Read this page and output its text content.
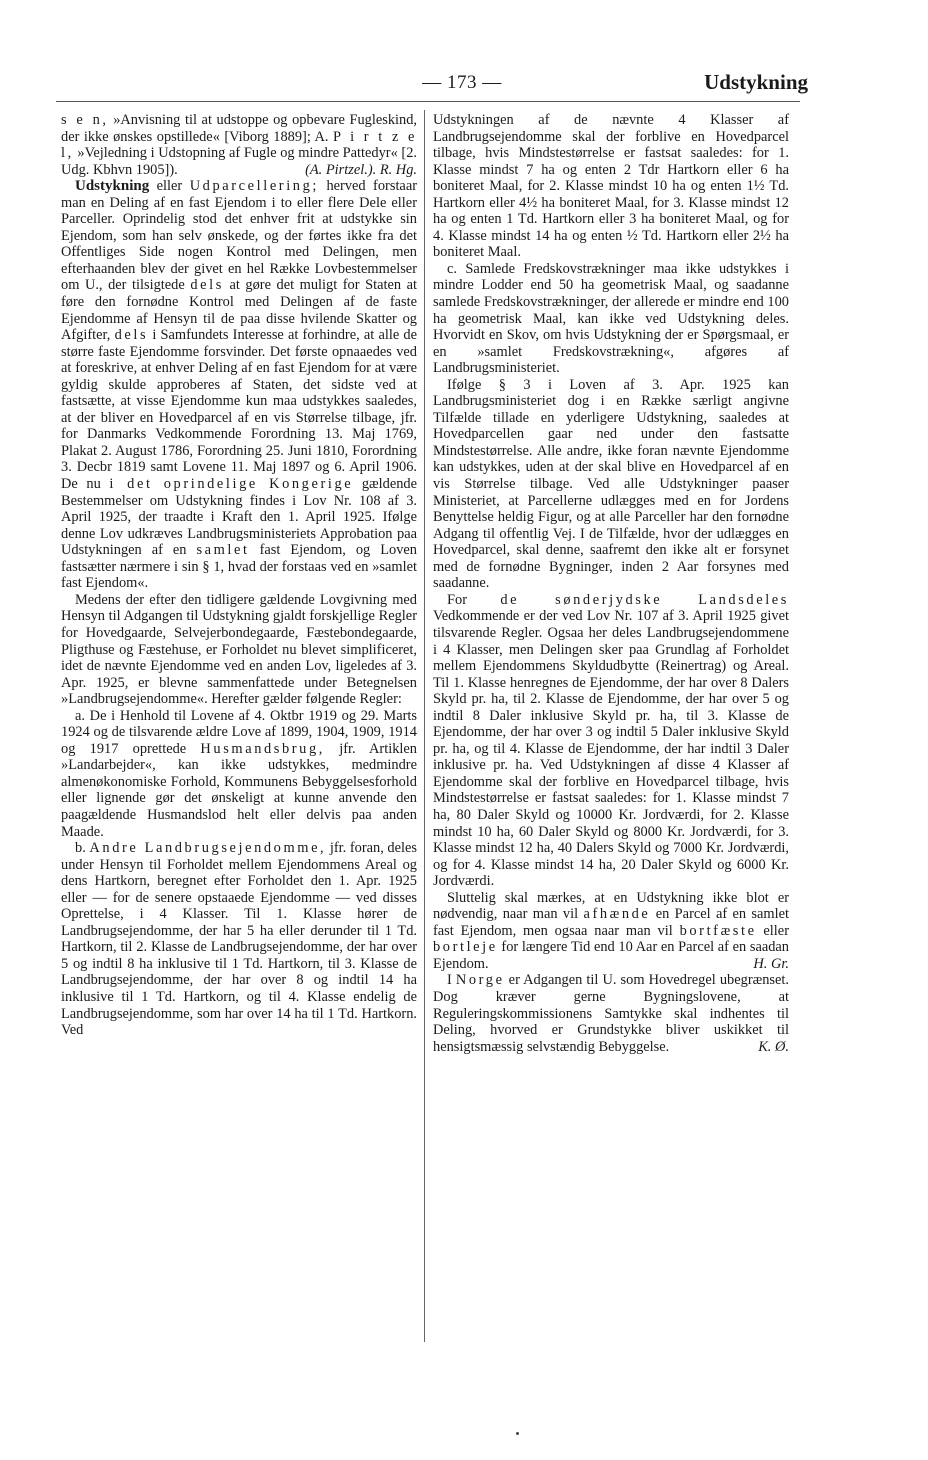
— 173 —	Udstykning

s e n, »Anvisning til at udstoppe og opbevare Fugleskind, der ikke ønskes opstillede« [Viborg 1889]; A. P i r t z e l, »Vejledning i Udstopning af Fugle og mindre Pattedyr« [2. Udg. Kbhvn 1905]).	(A. Pirtzel.). R. Hg.

Udstykning eller Udparcellering; herved forstaar man en Deling af en fast Ejendom i to eller flere Dele eller Parceller. Oprindelig stod det enhver frit at udstykke sin Ejendom, som han selv ønskede, og der førtes ikke fra det Offentliges Side nogen Kontrol med Delingen, men efterhaanden blev der givet en hel Række Lovbestemmelser om U., der tilsigtede dels at gøre det muligt for Staten at føre den fornødne Kontrol med Delingen af de faste Ejendomme af Hensyn til de paa disse hvilende Skatter og Afgifter, dels i Samfundets Interesse at forhindre, at alle de større faste Ejendomme forsvinder. Det første opnaaedes ved at foreskrive, at enhver Deling af en fast Ejendom for at være gyldig skulde approberes af Staten, det sidste ved at fastsætte, at visse Ejendomme kun maa udstykkes saaledes, at der bliver en Hovedparcel af en vis Størrelse tilbage, jfr. for Danmarks Vedkommende Forordning 13. Maj 1769, Plakat 2. August 1786, Forordning 25. Juni 1810, Forordning 3. Decbr 1819 samt Lovene 11. Maj 1897 og 6. April 1906. De nu i det oprindelige Kongerige gældende Bestemmelser om Udstykning findes i Lov Nr. 108 af 3. April 1925, der traadte i Kraft den 1. April 1925. Ifølge denne Lov udkræves Landbrugsministeriets Approbation paa Udstykningen af en samlet fast Ejendom, og Loven fastsætter nærmere i sin § 1, hvad der forstaas ved en »samlet fast Ejendom«.

Medens der efter den tidligere gældende Lovgivning med Hensyn til Adgangen til Udstykning gjaldt forskjellige Regler for Hovedgaarde, Selvejerbondegaarde, Fæstebondegaarde, Pligthuse og Fæstehuse, er Forholdet nu blevet simplificeret, idet de nævnte Ejendomme ved en anden Lov, ligeledes af 3. Apr. 1925, er blevne sammenfattede under Betegnelsen »Landbrugsejendomme«. Herefter gælder følgende Regler:

a. De i Henhold til Lovene af 4. Oktbr 1919 og 29. Marts 1924 og de tilsvarende ældre Love af 1899, 1904, 1909, 1914 og 1917 oprettede Husmandsbrug, jfr. Artiklen »Landarbejder«, kan ikke udstykkes, medmindre almenøkonomiske Forhold, Kommunens Bebyggelsesforhold eller lignende gør det ønskeligt at kunne anvende den paagældende Husmandslod helt eller delvis paa anden Maade.

b. Andre Landbrugsejendomme, jfr. foran, deles under Hensyn til Forholdet mellem Ejendommens Areal og dens Hartkorn, beregnet efter Forholdet den 1. Apr. 1925 eller — for de senere opstaaede Ejendomme — ved disses Oprettelse, i 4 Klasser. Til 1. Klasse hører de Landbrugsejendomme, der har 5 ha eller derunder til 1 Td. Hartkorn, til 2. Klasse de Landbrugsejendomme, der har over 5 og indtil 8 ha inklusive til 1 Td. Hartkorn, til 3. Klasse de Landbrugsejendomme, der har over 8 og indtil 14 ha inklusive til 1 Td. Hartkorn, og til 4. Klasse endelig de Landbrugsejendomme, som har over 14 ha til 1 Td. Hartkorn. Ved

Udstykningen af de nævnte 4 Klasser af Landbrugsejendomme skal der forblive en Hovedparcel tilbage, hvis Mindstestørrelse er fastsat saaledes: for 1. Klasse mindst 7 ha og enten 2 Tdr Hartkorn eller 6 ha boniteret Maal, for 2. Klasse mindst 10 ha og enten 1½ Td. Hartkorn eller 4½ ha boniteret Maal, for 3. Klasse mindst 12 ha og enten 1 Td. Hartkorn eller 3 ha boniteret Maal, og for 4. Klasse mindst 14 ha og enten ½ Td. Hartkorn eller 2½ ha boniteret Maal.

c. Samlede Fredskovstrækninger maa ikke udstykkes i mindre Lodder end 50 ha geometrisk Maal, og saadanne samlede Fredskovstrækninger, der allerede er mindre end 100 ha geometrisk Maal, kan ikke ved Udstykning deles. Hvorvidt en Skov, om hvis Udstykning der er Spørgsmaal, er en »samlet Fredskovstrækning«, afgøres af Landbrugsministeriet.

Ifølge § 3 i Loven af 3. Apr. 1925 kan Landbrugsministeriet dog i en Række særligt angivne Tilfælde tillade en yderligere Udstykning, saaledes at Hovedparcellen gaar ned under den fastsatte Mindstestørrelse. Alle andre, ikke foran nævnte Ejendomme kan udstykkes, uden at der skal blive en Hovedparcel af en vis Størrelse tilbage. Ved alle Udstykninger paaser Ministeriet, at Parcellerne udlægges med en for Jordens Benyttelse heldig Figur, og at alle Parceller har den fornødne Adgang til offentlig Vej. I de Tilfælde, hvor der udlægges en Hovedparcel, skal denne, saafremt den ikke alt er forsynet med de fornødne Bygninger, inden 2 Aar forsynes med saadanne.

For de sønderjydske Landsdeles Vedkommende er der ved Lov Nr. 107 af 3. April 1925 givet tilsvarende Regler. Ogsaa her deles Landbrugsejendommene i 4 Klasser, men Delingen sker paa Grundlag af Forholdet mellem Ejendommens Skyldudbytte (Reinertrag) og Areal. Til 1. Klasse henregnes de Ejendomme, der har over 8 Dalers Skyld pr. ha, til 2. Klasse de Ejendomme, der har over 5 og indtil 8 Daler inklusive Skyld pr. ha, til 3. Klasse de Ejendomme, der har over 3 og indtil 5 Daler inklusive Skyld pr. ha, og til 4. Klasse de Ejendomme, der har indtil 3 Daler inklusive pr. ha. Ved Udstykningen af disse 4 Klasser af Ejendomme skal der forblive en Hovedparcel tilbage, hvis Mindstestørrelse er fastsat saaledes: for 1. Klasse mindst 7 ha, 80 Daler Skyld og 10000 Kr. Jordværdi, for 2. Klasse mindst 10 ha, 60 Daler Skyld og 8000 Kr. Jordværdi, for 3. Klasse mindst 12 ha, 40 Dalers Skyld og 7000 Kr. Jordværdi, og for 4. Klasse mindst 14 ha, 20 Daler Skyld og 6000 Kr. Jordværdi.

Sluttelig skal mærkes, at en Udstykning ikke blot er nødvendig, naar man vil afhænde en Parcel af en samlet fast Ejendom, men ogsaa naar man vil bortfæste eller bortleje for længere Tid end 10 Aar en Parcel af en saadan Ejendom.	H. Gr.

I Norge er Adgangen til U. som Hovedregel ubegrænset. Dog kræver gerne Bygningslovene, at Reguleringskommissionens Samtykke skal indhentes til Deling, hvorved er Grundstykke bliver uskikket til hensigtsmæssig selvstændig Bebyggelse.	K. Ø.
